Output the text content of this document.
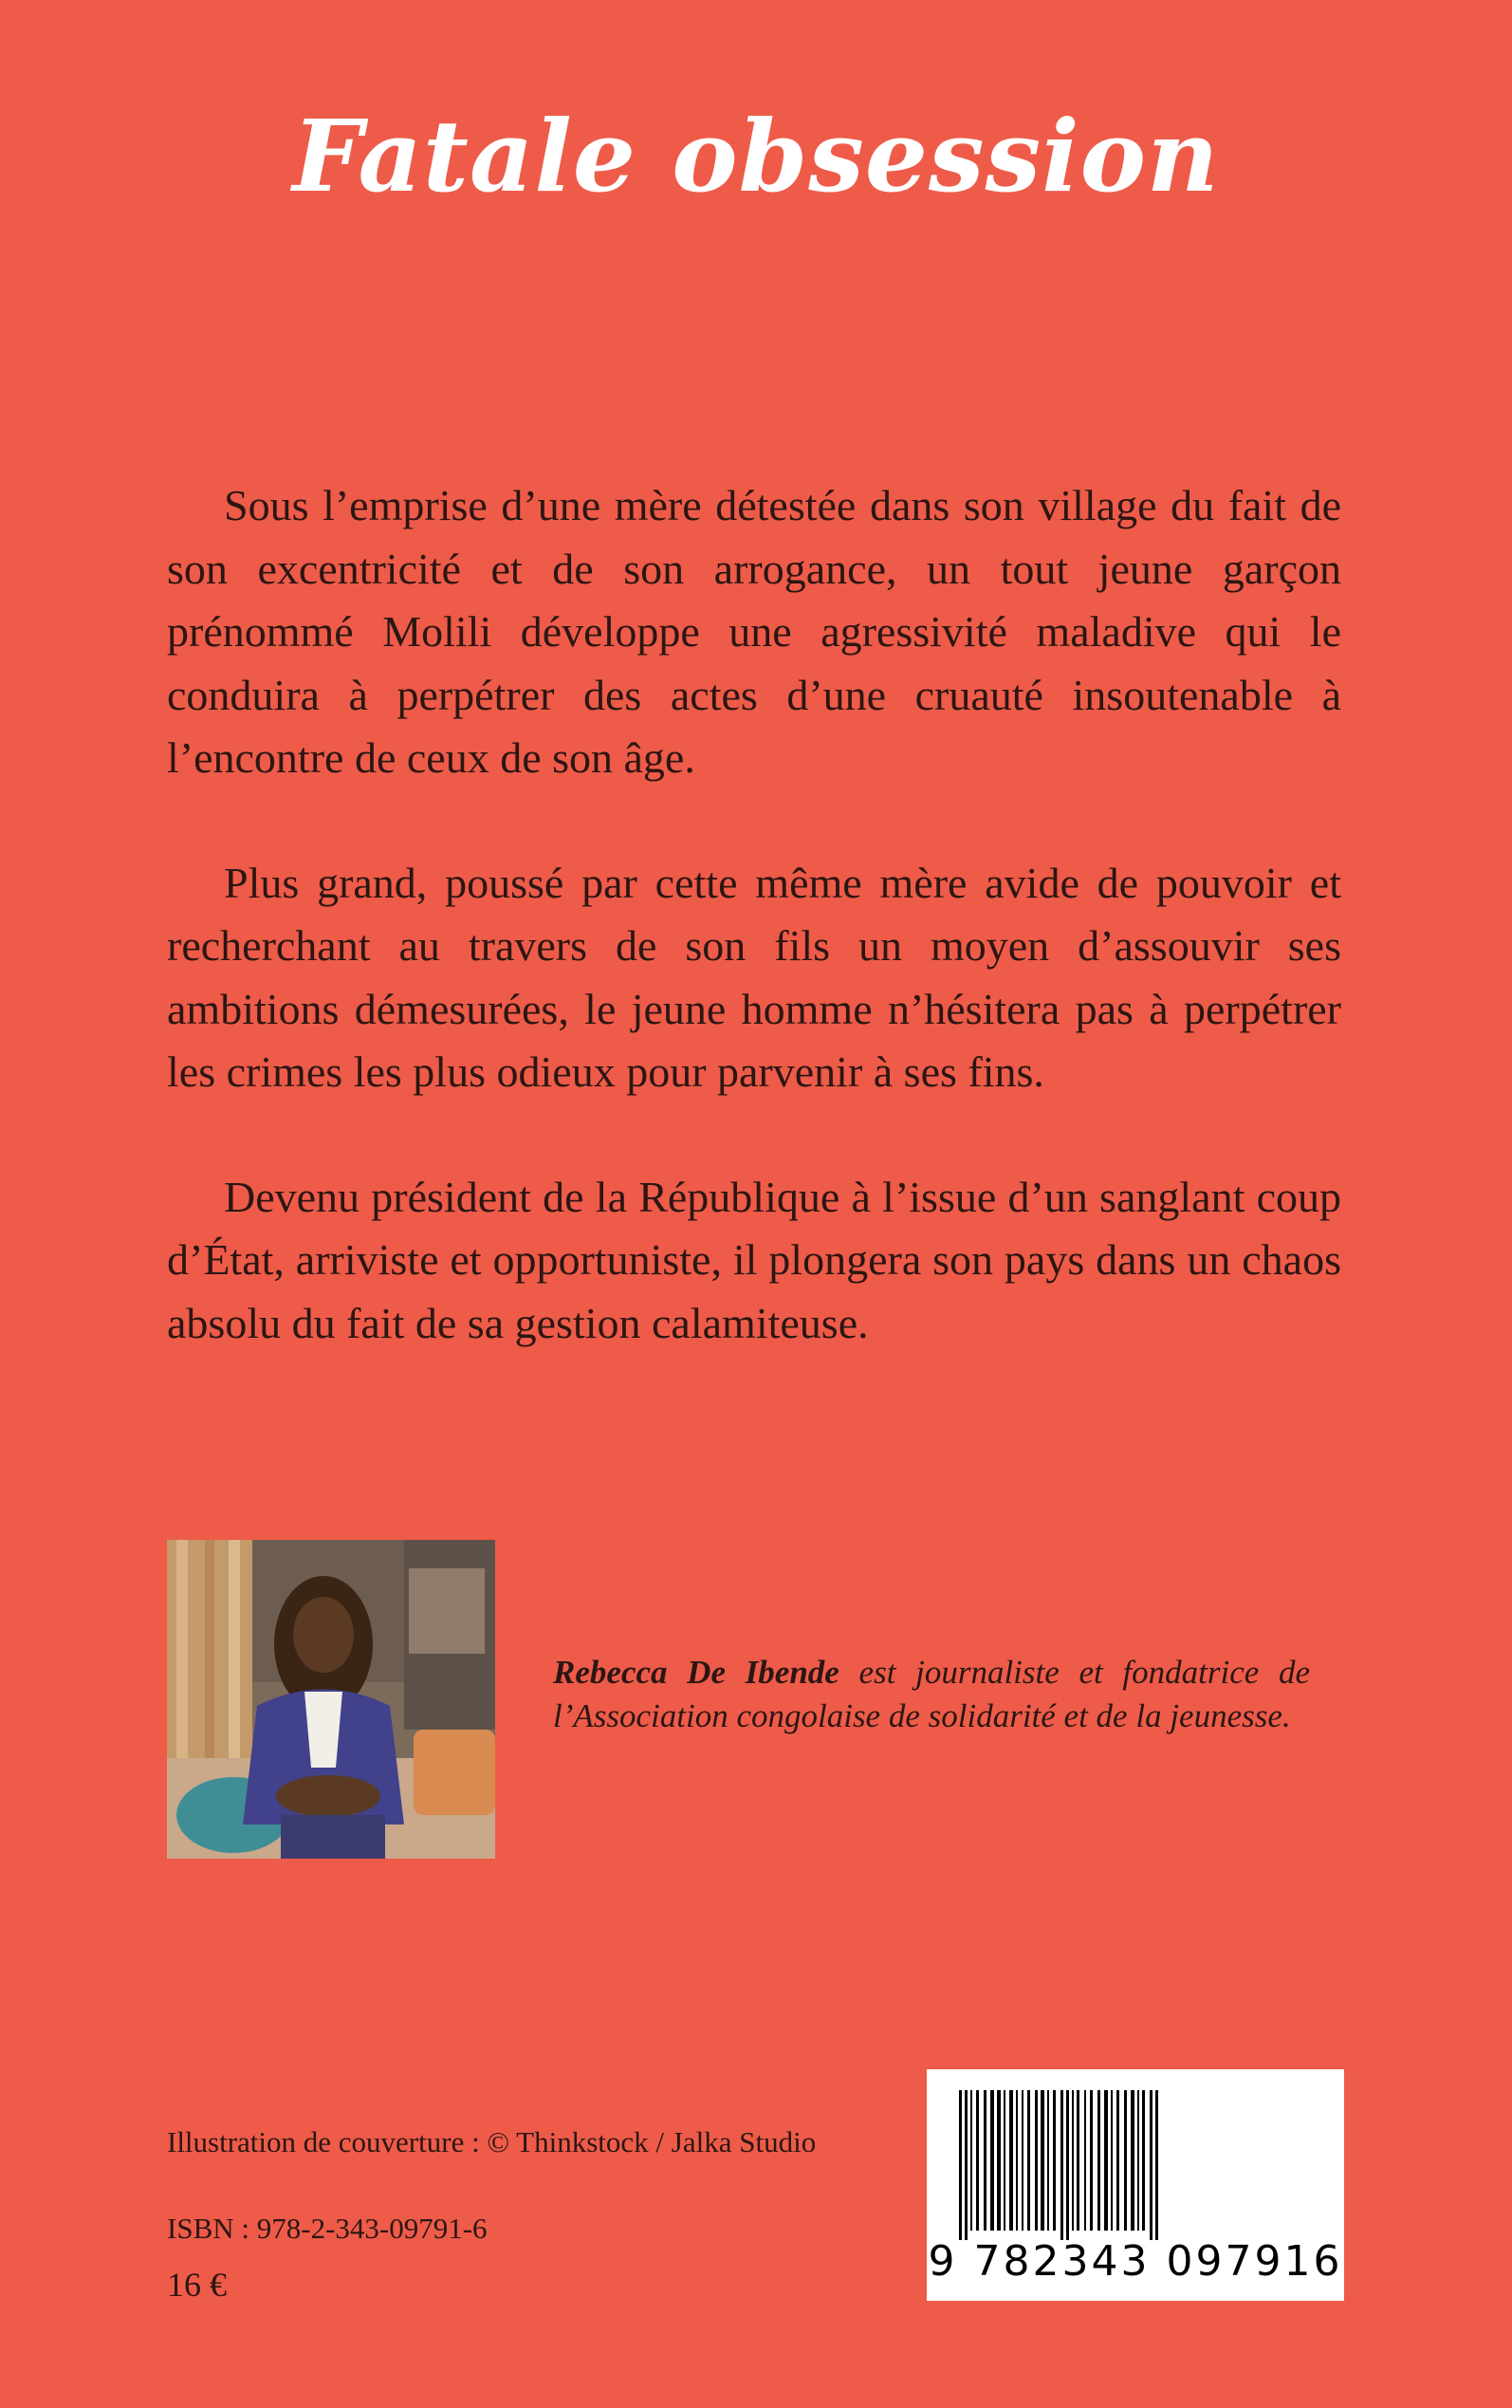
Fatale obsession

Sous l’emprise d’une mère détestée dans son village du fait de son excentricité et de son arrogance, un tout jeune garçon prénommé Molili développe une agressivité maladive qui le conduira à perpétrer des actes d’une cruauté insoutenable à l’encontre de ceux de son âge.

Plus grand, poussé par cette même mère avide de pouvoir et recherchant au travers de son fils un moyen d’assouvir ses ambitions démesurées, le jeune homme n’hésitera pas à perpétrer les crimes les plus odieux pour parvenir à ses fins.

Devenu président de la République à l’issue d’un sanglant coup d’État, arriviste et opportuniste, il plongera son pays dans un chaos absolu du fait de sa gestion calamiteuse.

Rebecca De Ibende est journaliste et fondatrice de l’Association congolaise de solidarité et de la jeunesse.
Illustration de couverture : © Thinkstock / Jalka Studio
ISBN : 978-2-343-09791-6
16 €	9 782343 097916
